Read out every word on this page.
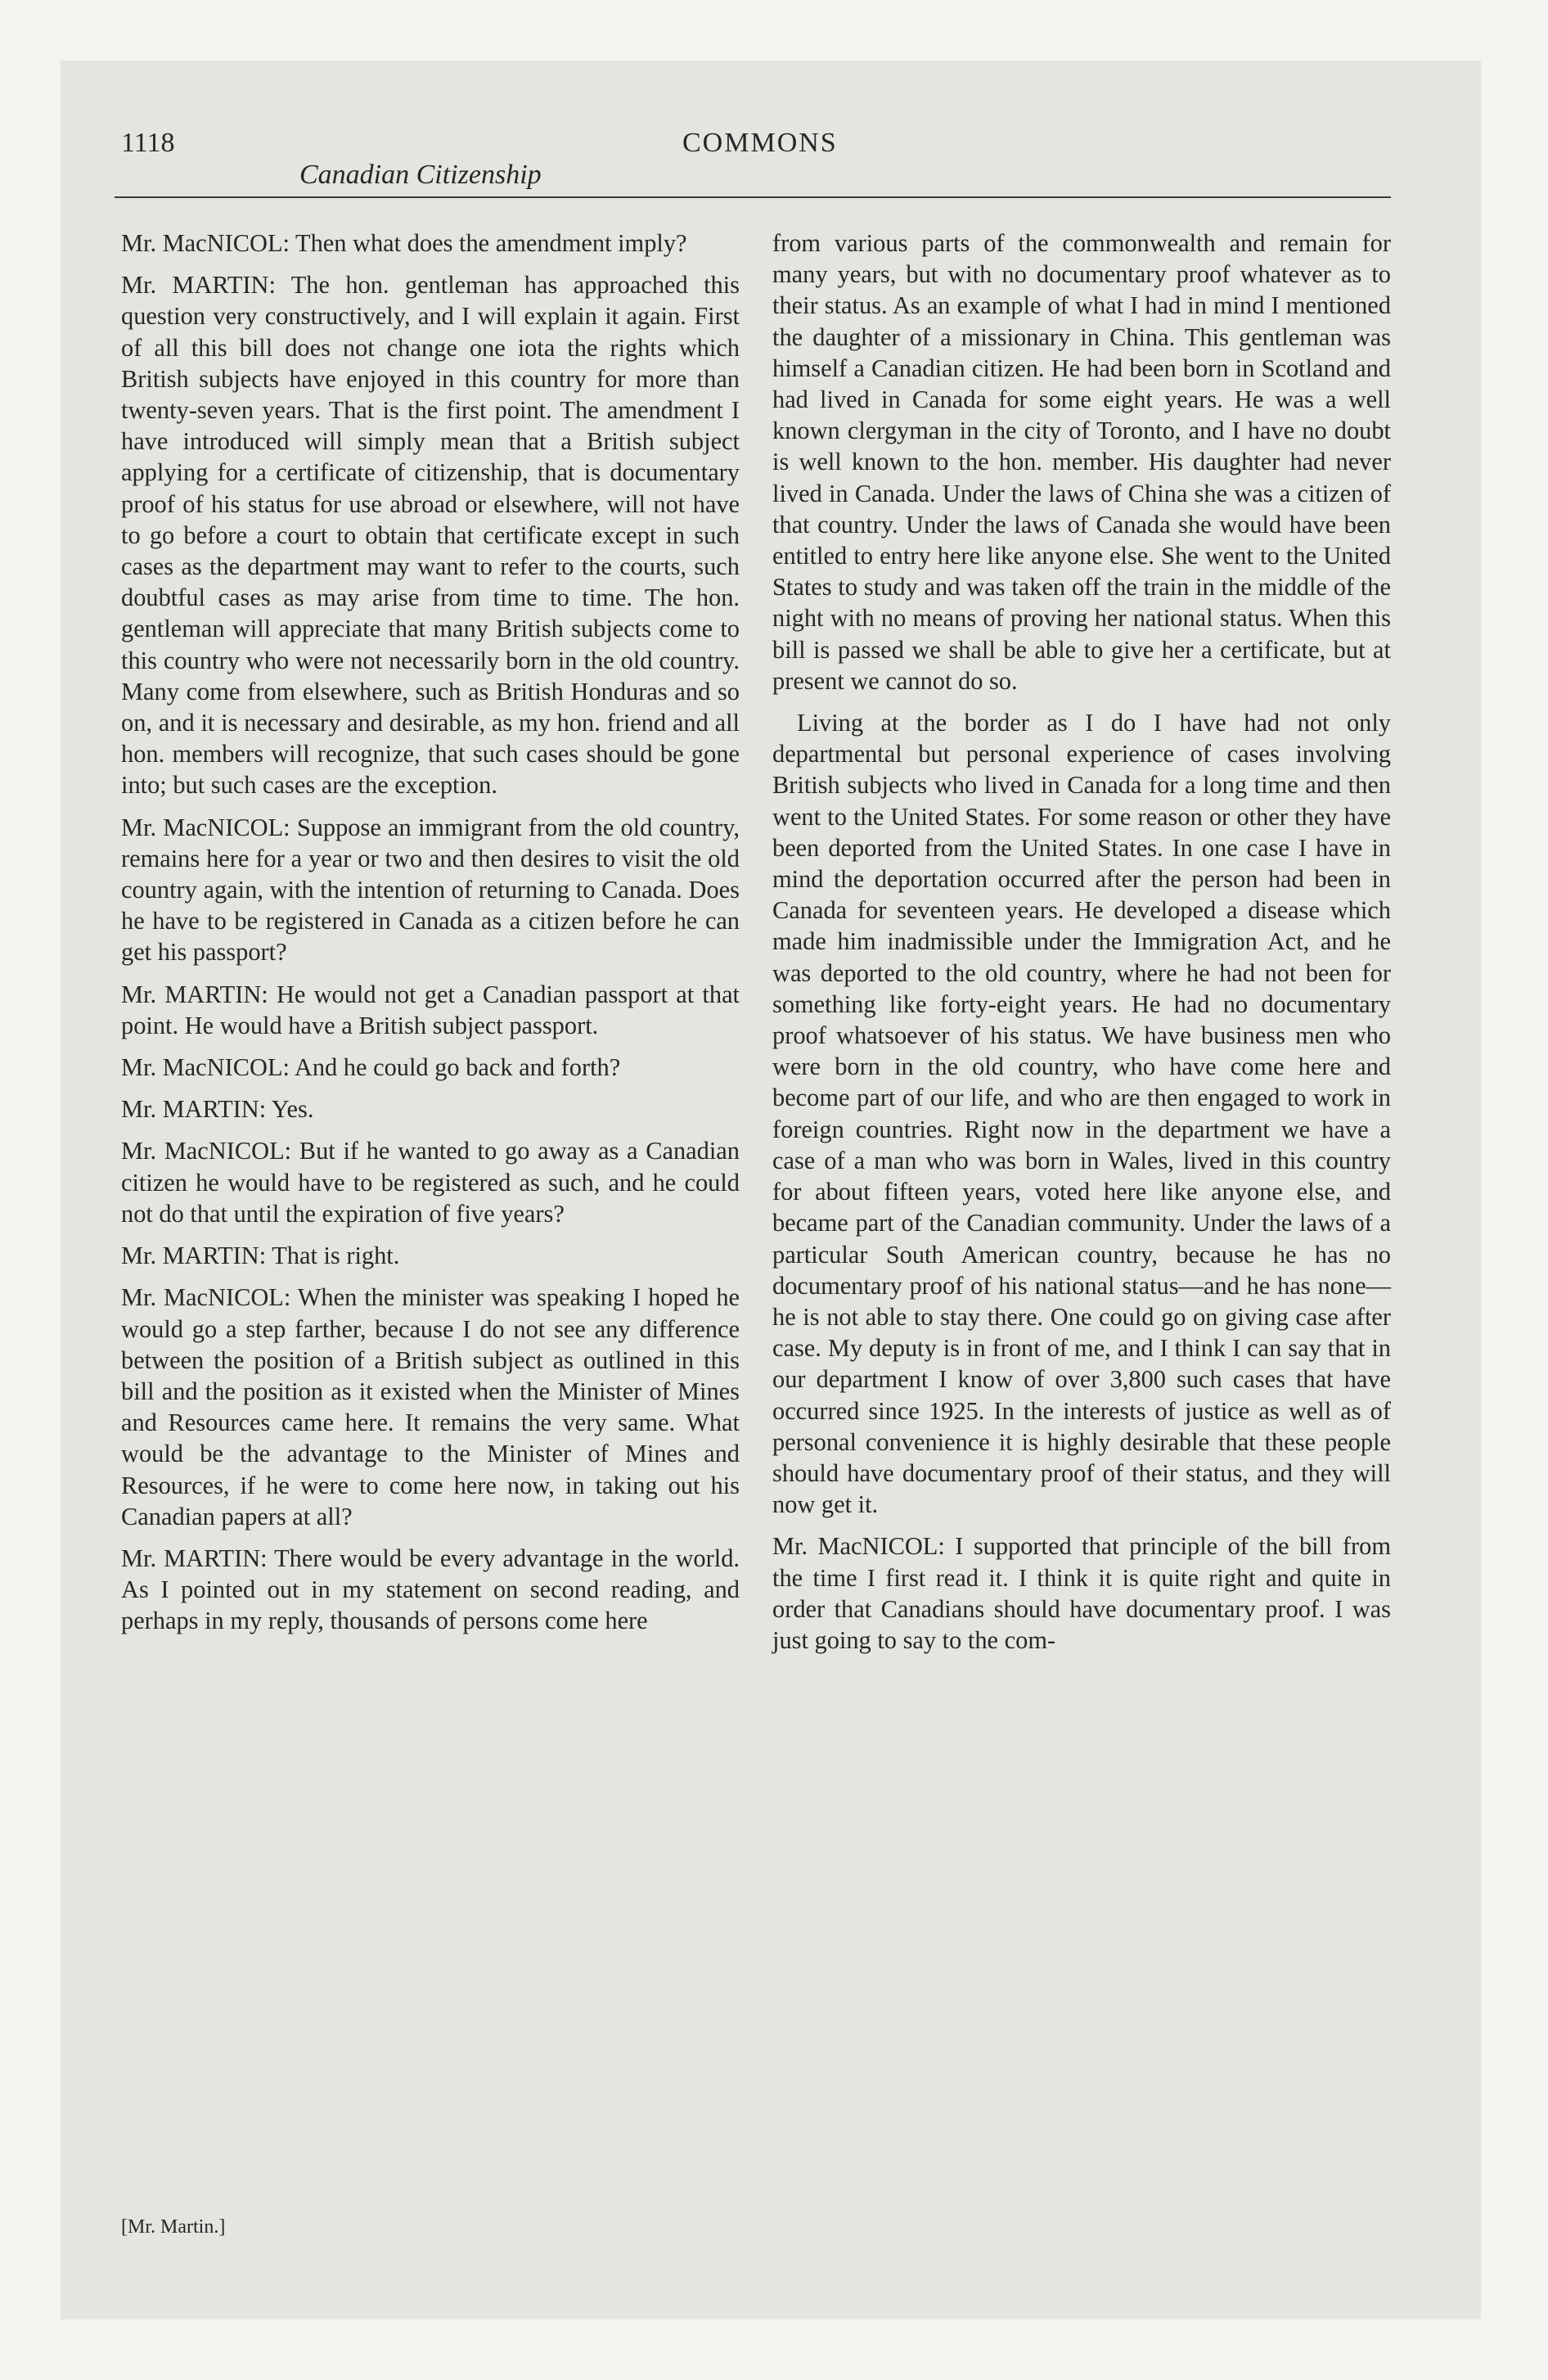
1118
Canadian Citizenship
COMMONS

Mr. MacNICOL: Then what does the amendment imply?

Mr. MARTIN: The hon. gentleman has approached this question very constructively, and I will explain it again. First of all this bill does not change one iota the rights which British subjects have enjoyed in this country for more than twenty-seven years. That is the first point. The amendment I have introduced will simply mean that a British subject applying for a certificate of citizenship, that is documentary proof of his status for use abroad or elsewhere, will not have to go before a court to obtain that certificate except in such cases as the department may want to refer to the courts, such doubtful cases as may arise from time to time. The hon. gentleman will appreciate that many British subjects come to this country who were not necessarily born in the old country. Many come from elsewhere, such as British Honduras and so on, and it is necessary and desirable, as my hon. friend and all hon. members will recognize, that such cases should be gone into; but such cases are the exception.

Mr. MacNICOL: Suppose an immigrant from the old country, remains here for a year or two and then desires to visit the old country again, with the intention of returning to Canada. Does he have to be registered in Canada as a citizen before he can get his passport?

Mr. MARTIN: He would not get a Canadian passport at that point. He would have a British subject passport.

Mr. MacNICOL: And he could go back and forth?

Mr. MARTIN: Yes.

Mr. MacNICOL: But if he wanted to go away as a Canadian citizen he would have to be registered as such, and he could not do that until the expiration of five years?

Mr. MARTIN: That is right.

Mr. MacNICOL: When the minister was speaking I hoped he would go a step farther, because I do not see any difference between the position of a British subject as outlined in this bill and the position as it existed when the Minister of Mines and Resources came here. It remains the very same. What would be the advantage to the Minister of Mines and Resources, if he were to come here now, in taking out his Canadian papers at all?

Mr. MARTIN: There would be every advantage in the world. As I pointed out in my statement on second reading, and perhaps in my reply, thousands of persons come here

from various parts of the commonwealth and remain for many years, but with no documentary proof whatever as to their status. As an example of what I had in mind I mentioned the daughter of a missionary in China. This gentleman was himself a Canadian citizen. He had been born in Scotland and had lived in Canada for some eight years. He was a well known clergyman in the city of Toronto, and I have no doubt is well known to the hon. member. His daughter had never lived in Canada. Under the laws of China she was a citizen of that country. Under the laws of Canada she would have been entitled to entry here like anyone else. She went to the United States to study and was taken off the train in the middle of the night with no means of proving her national status. When this bill is passed we shall be able to give her a certificate, but at present we cannot do so.

Living at the border as I do I have had not only departmental but personal experience of cases involving British subjects who lived in Canada for a long time and then went to the United States. For some reason or other they have been deported from the United States. In one case I have in mind the deportation occurred after the person had been in Canada for seventeen years. He developed a disease which made him inadmissible under the Immigration Act, and he was deported to the old country, where he had not been for something like forty-eight years. He had no documentary proof whatsoever of his status. We have business men who were born in the old country, who have come here and become part of our life, and who are then engaged to work in foreign countries. Right now in the department we have a case of a man who was born in Wales, lived in this country for about fifteen years, voted here like anyone else, and became part of the Canadian community. Under the laws of a particular South American country, because he has no documentary proof of his national status—and he has none—he is not able to stay there. One could go on giving case after case. My deputy is in front of me, and I think I can say that in our department I know of over 3,800 such cases that have occurred since 1925. In the interests of justice as well as of personal convenience it is highly desirable that these people should have documentary proof of their status, and they will now get it.

Mr. MacNICOL: I supported that principle of the bill from the time I first read it. I think it is quite right and quite in order that Canadians should have documentary proof. I was just going to say to the com-

[Mr. Martin.]
